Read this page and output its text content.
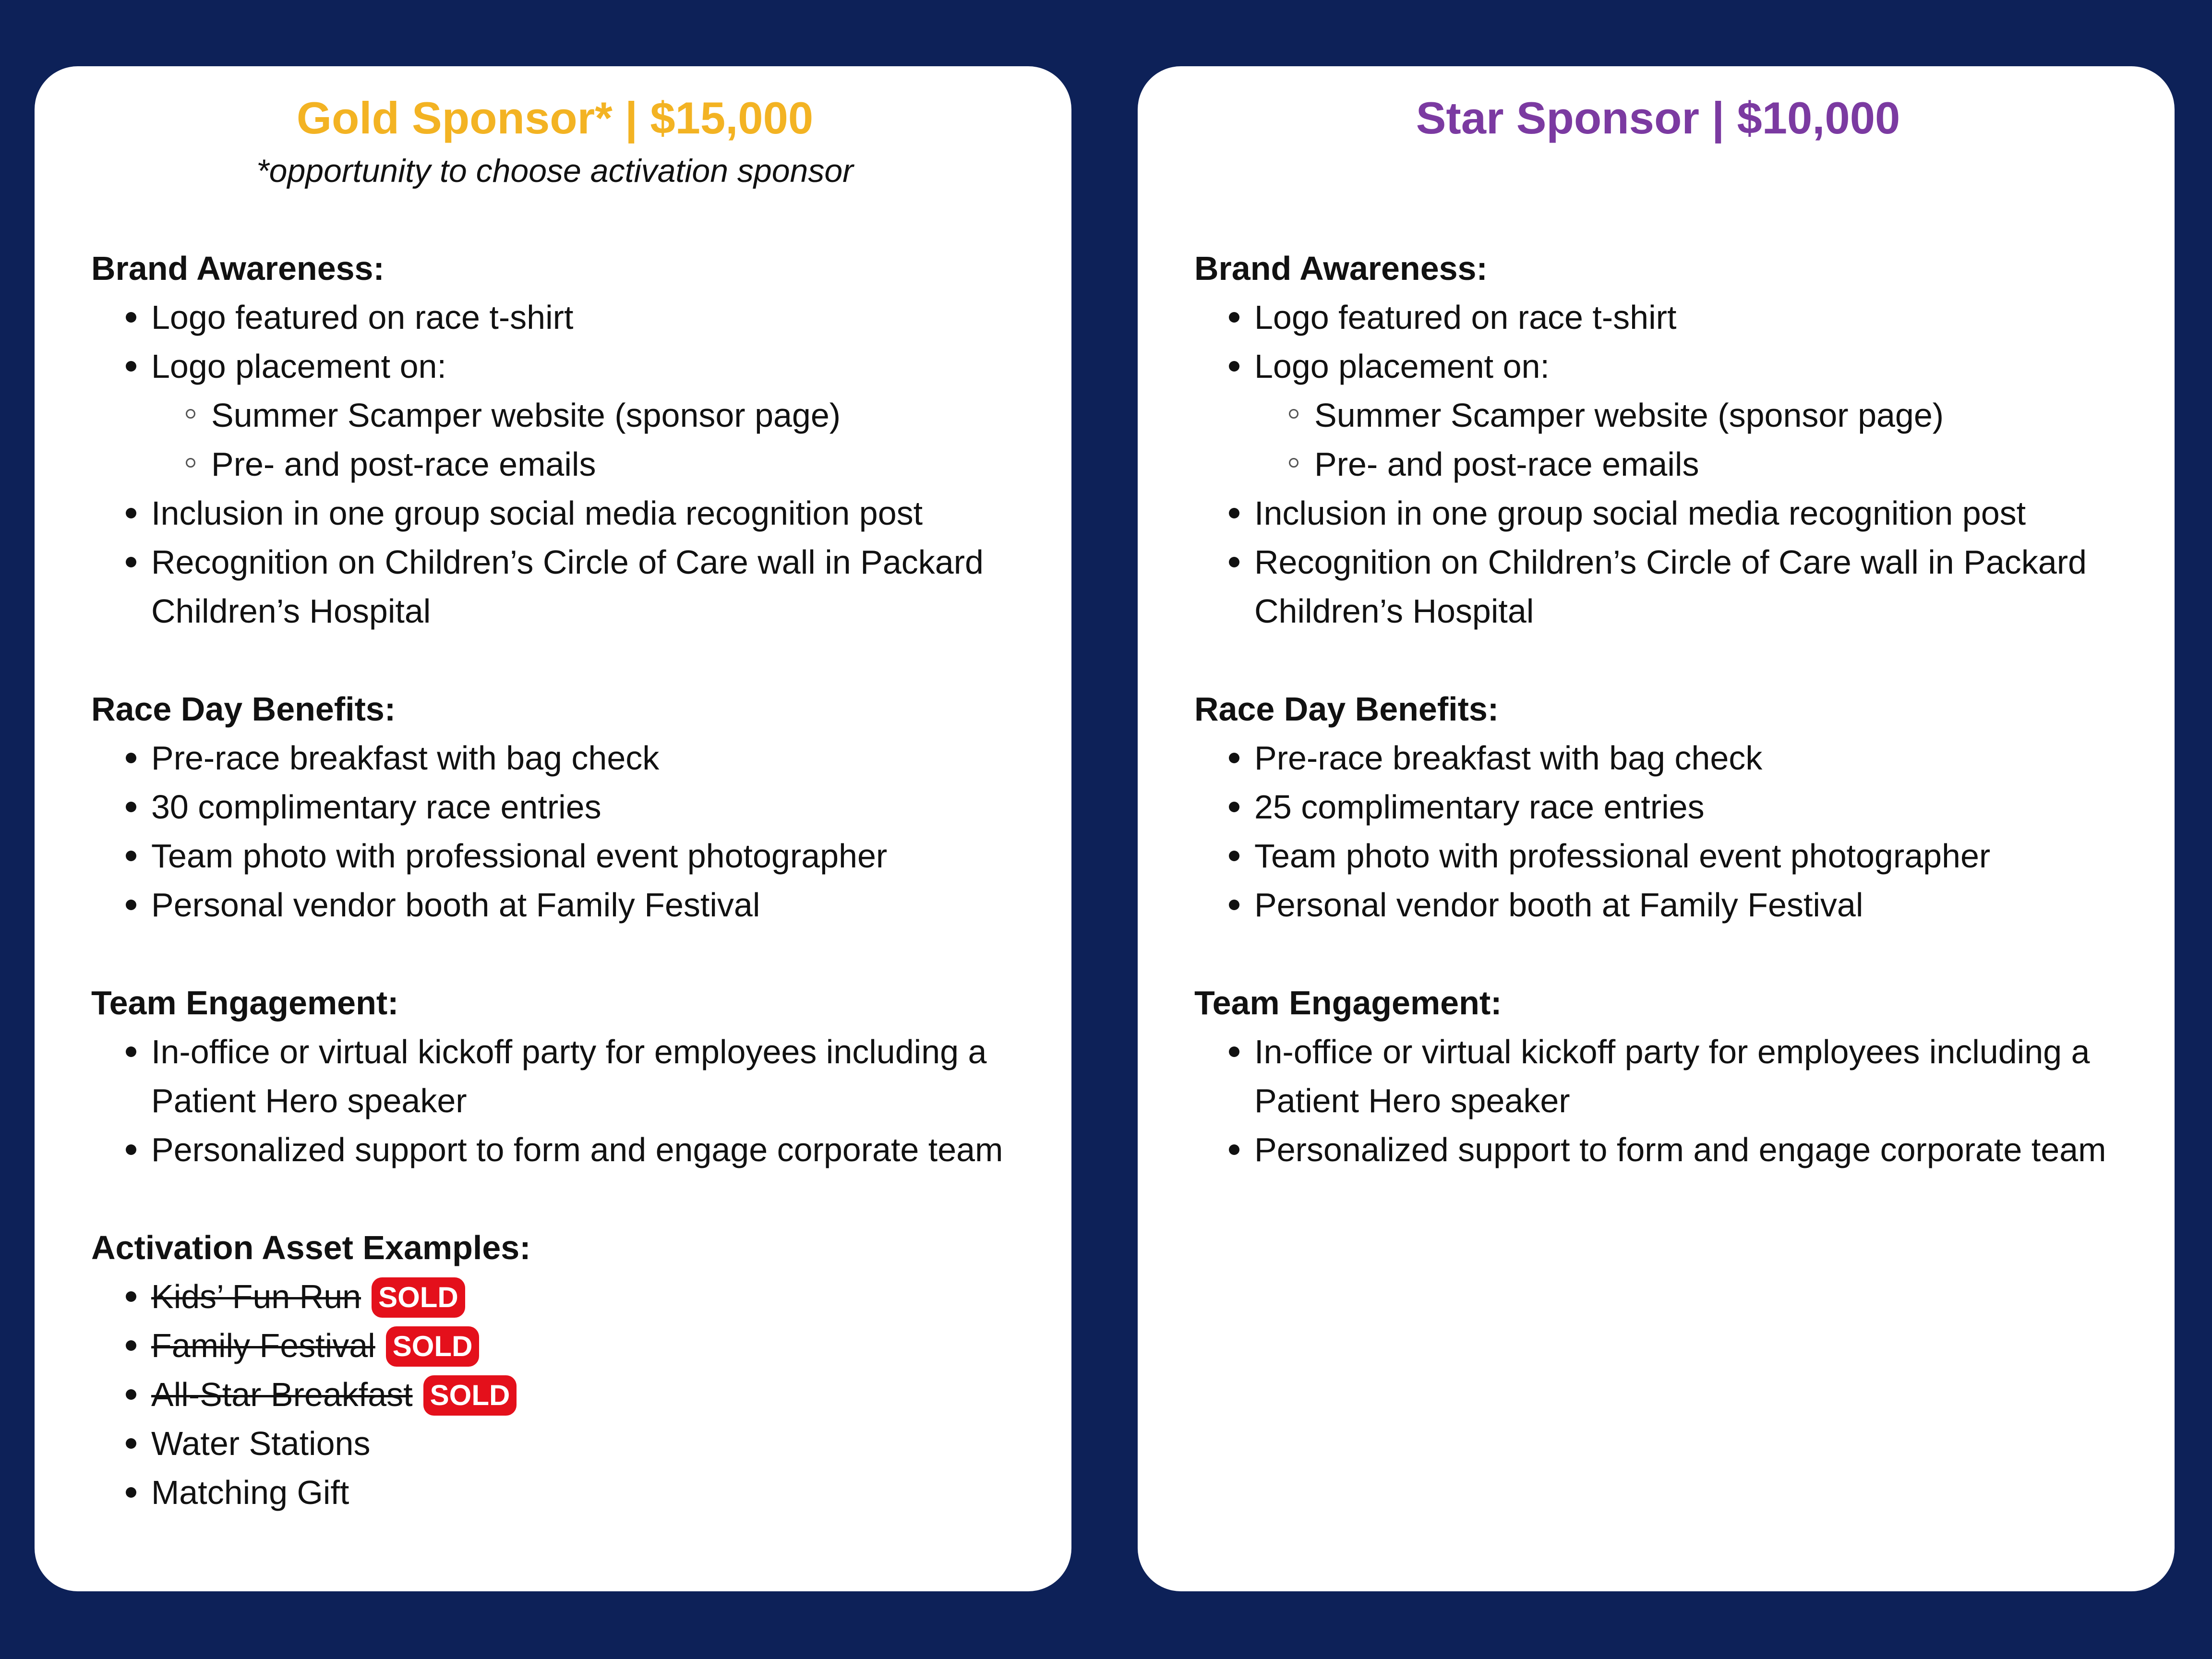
Gold Sponsor* | $15,000

*opportunity to choose activation sponsor

Brand Awareness:

Logo featured on race t-shirt
Logo placement on:
Summer Scamper website (sponsor page)
Pre- and post-race emails
Inclusion in one group social media recognition post
Recognition on Children’s Circle of Care wall in Packard Children’s Hospital

Race Day Benefits:

Pre-race breakfast with bag check
30 complimentary race entries
Team photo with professional event photographer
Personal vendor booth at Family Festival

Team Engagement:

In-office or virtual kickoff party for employees including a Patient Hero speaker
Personalized support to form and engage corporate team

Activation Asset Examples:

Kids’ Fun Run SOLD
Family Festival SOLD
All-Star Breakfast SOLD
Water Stations
Matching Gift
Star Sponsor | $10,000

Brand Awareness:

Logo featured on race t-shirt
Logo placement on:
Summer Scamper website (sponsor page)
Pre- and post-race emails
Inclusion in one group social media recognition post
Recognition on Children’s Circle of Care wall in Packard Children’s Hospital

Race Day Benefits:

Pre-race breakfast with bag check
25 complimentary race entries
Team photo with professional event photographer
Personal vendor booth at Family Festival

Team Engagement:

In-office or virtual kickoff party for employees including a Patient Hero speaker
Personalized support to form and engage corporate team
